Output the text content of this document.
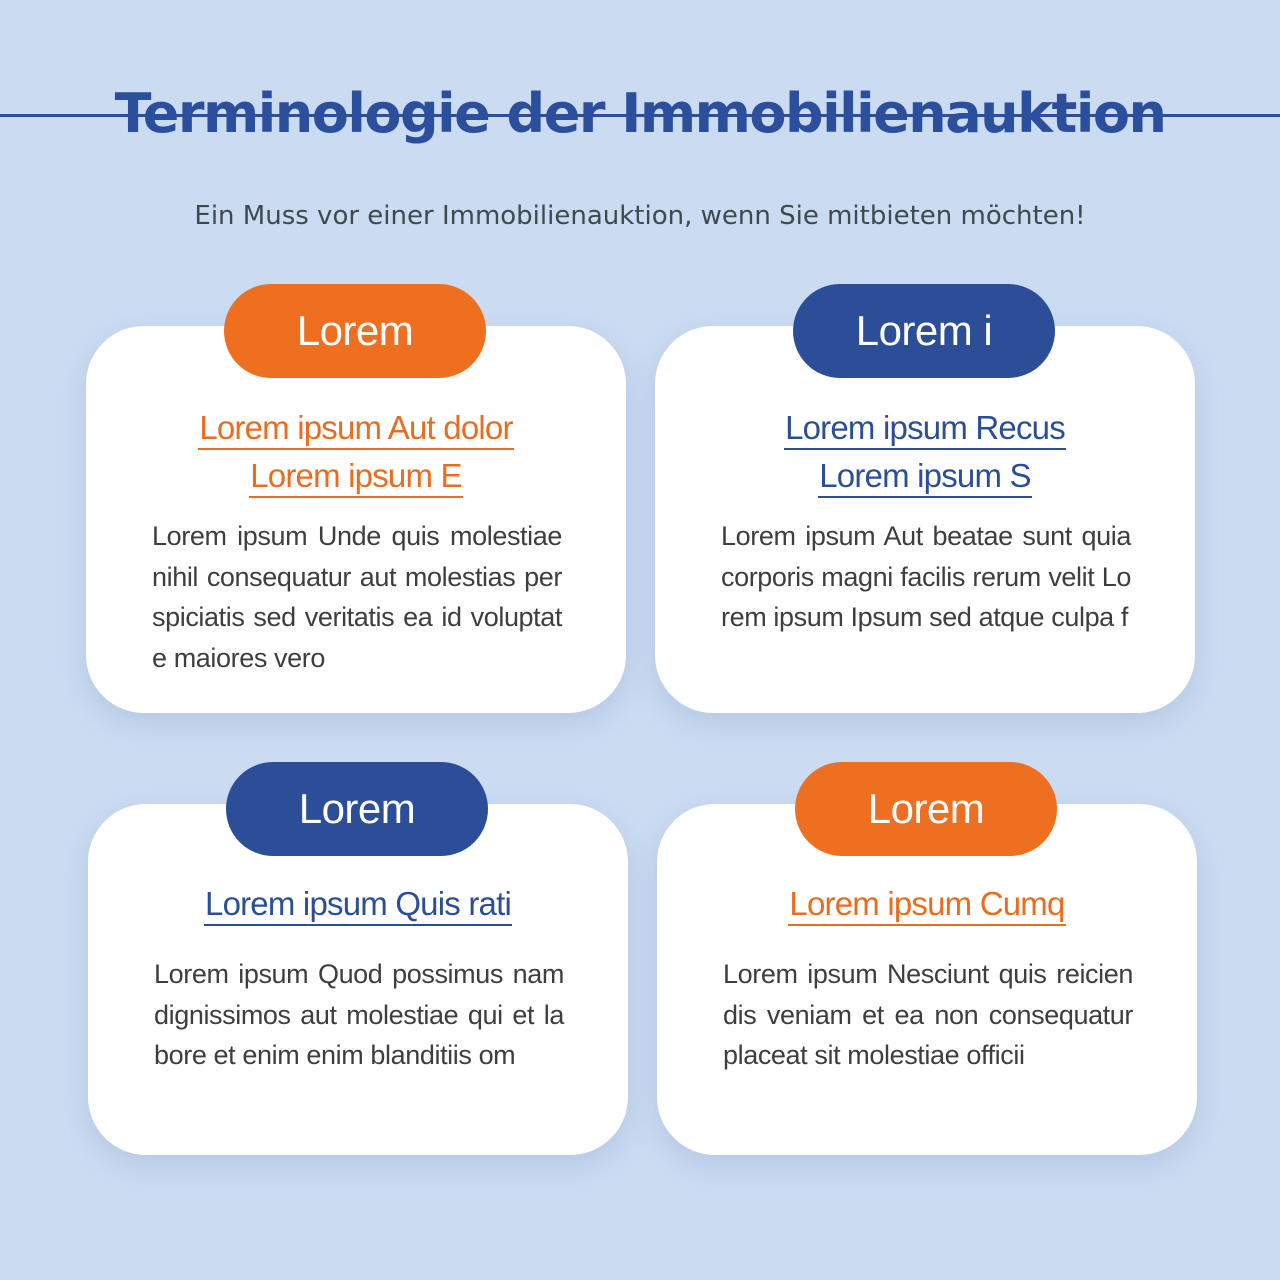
Terminologie der Immobilienauktion

Ein Muss vor einer Immobilienauktion, wenn Sie mitbieten möchten!

Lorem ipsum Aut dolor
Lorem ipsum E
Lorem ipsum Unde quis molestiae nihil consequatur aut molestias perspiciatis sed veritatis ea id voluptate maiores vero
Lorem
Lorem ipsum Recus
Lorem ipsum S
Lorem ipsum Aut beatae sunt quia corporis magni facilis rerum velit Lorem ipsum Ipsum sed atque culpa f
Lorem i
Lorem ipsum Quis rati
Lorem ipsum Quod possimus nam dignissimos aut molestiae qui et labore et enim enim blanditiis om
Lorem
Lorem ipsum Cumq
Lorem ipsum Nesciunt quis reiciendis veniam et ea non consequatur placeat sit molestiae officii
Lorem
